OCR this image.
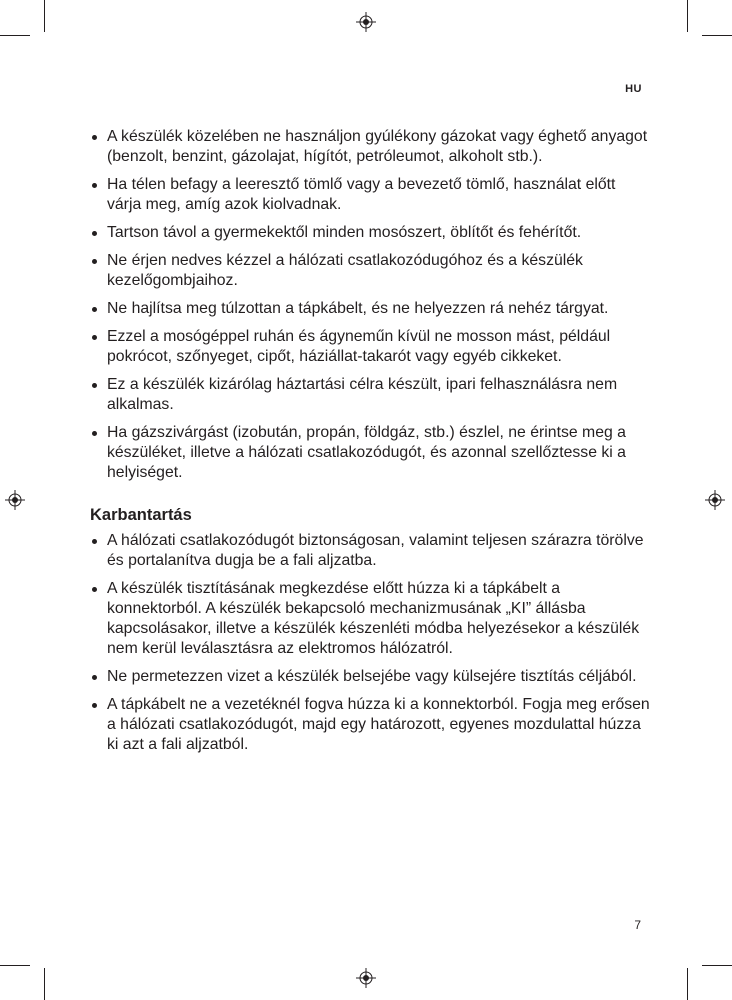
HU
A készülék közelében ne használjon gyúlékony gázokat vagy éghető anyagot (benzolt, benzint, gázolajat, hígítót, petróleumot, alkoholt stb.).
Ha télen befagy a leeresztő tömlő vagy a bevezető tömlő, használat előtt várja meg, amíg azok kiolvadnak.
Tartson távol a gyermekektől minden mosószert, öblítőt és fehérítőt.
Ne érjen nedves kézzel a hálózati csatlakozódugóhoz és a készülék kezelőgombjaihoz.
Ne hajlítsa meg túlzottan a tápkábelt, és ne helyezzen rá nehéz tárgyat.
Ezzel a mosógéppel ruhán és ágyneműn kívül ne mosson mást, például pokrócot, szőnyeget, cipőt, háziállat-takarót vagy egyéb cikkeket.
Ez a készülék kizárólag háztartási célra készült, ipari felhasználásra nem alkalmas.
Ha gázszivárgást (izobután, propán, földgáz, stb.) észlel, ne érintse meg a készüléket, illetve a hálózati csatlakozódugót, és azonnal szellőztesse ki a helyiséget.
Karbantartás
A hálózati csatlakozódugót biztonságosan, valamint teljesen szárazra törölve és portalanítva dugja be a fali aljzatba.
A készülék tisztításának megkezdése előtt húzza ki a tápkábelt a konnektorból. A készülék bekapcsoló mechanizmusának „KI” állásba kapcsolásakor, illetve a készülék készenléti módba helyezésekor a készülék nem kerül leválasztásra az elektromos hálózatról.
Ne permetezzen vizet a készülék belsejébe vagy külsejére tisztítás céljából.
A tápkábelt ne a vezetéknél fogva húzza ki a konnektorból. Fogja meg erősen a hálózati csatlakozódugót, majd egy határozott, egyenes mozdulattal húzza ki azt a fali aljzatból.
7
